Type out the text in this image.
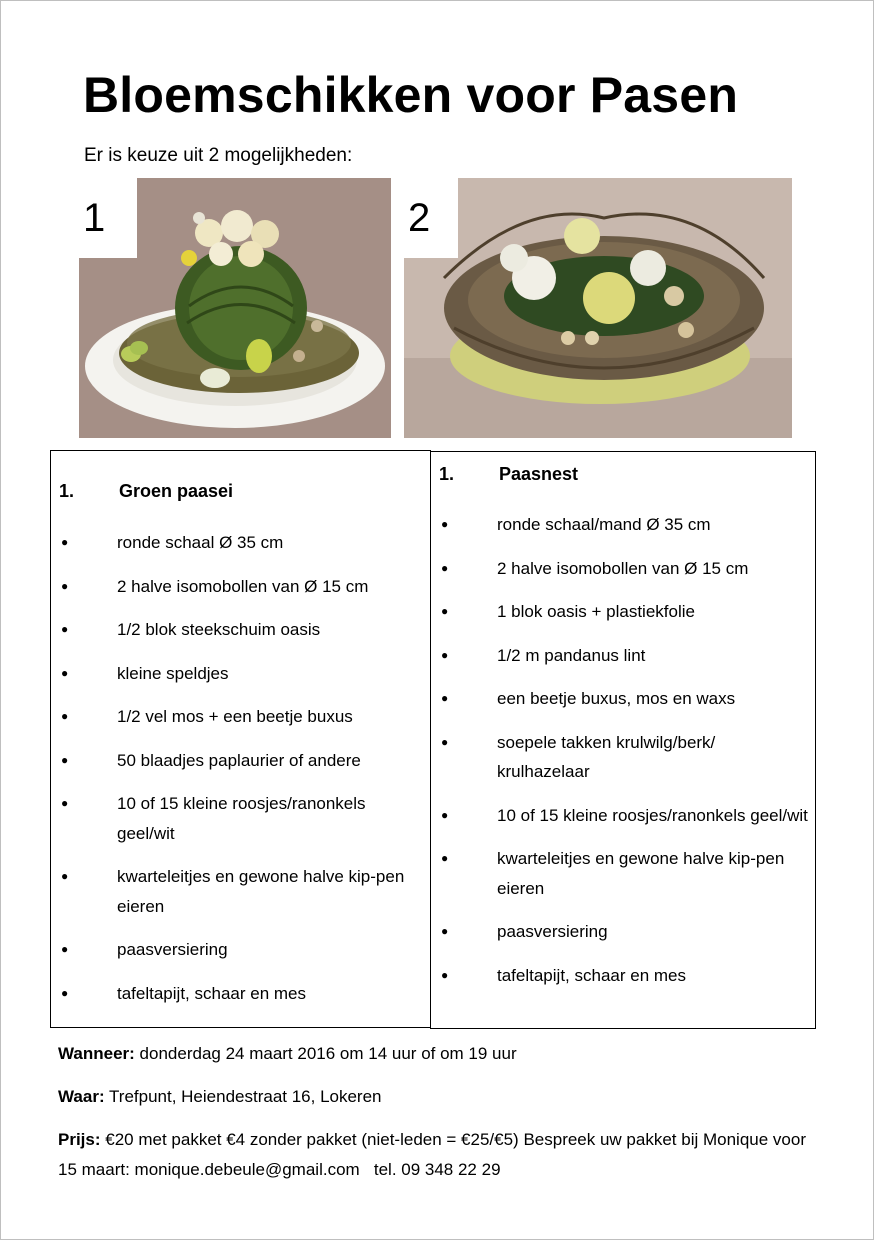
Bloemschikken voor Pasen
Er is keuze uit 2 mogelijkheden:
1	2
1. Groen paasei
●	ronde schaal Ø 35 cm
●	2 halve isomobollen van Ø 15 cm
●	1/2 blok steekschuim oasis
●	kleine speldjes
●	1/2 vel mos + een beetje buxus
●	50 blaadjes paplaurier of andere
●	10 of 15 kleine roosjes/ranonkels geel/wit
●	kwarteleitjes en gewone halve kip-pen eieren
●	paasversiering
●	tafeltapijt, schaar en mes
1. Paasnest
●	ronde schaal/mand Ø 35 cm
●	2 halve isomobollen van Ø 15 cm
●	1 blok oasis + plastiekfolie
●	1/2 m pandanus lint
●	een beetje buxus, mos en waxs
●	soepele takken krulwilg/berk/ krulhazelaar
●	10 of 15 kleine roosjes/ranonkels geel/wit
●	kwarteleitjes en gewone halve kip-pen eieren
●	paasversiering
●	tafeltapijt, schaar en mes
Wanneer: donderdag 24 maart 2016 om 14 uur of om 19 uur
Waar: Trefpunt, Heiendestraat 16, Lokeren
Prijs: €20 met pakket €4 zonder pakket (niet-leden = €25/€5) Bespreek uw pakket bij Monique voor 15 maart: monique.debeule@gmail.com   tel. 09 348 22 29
